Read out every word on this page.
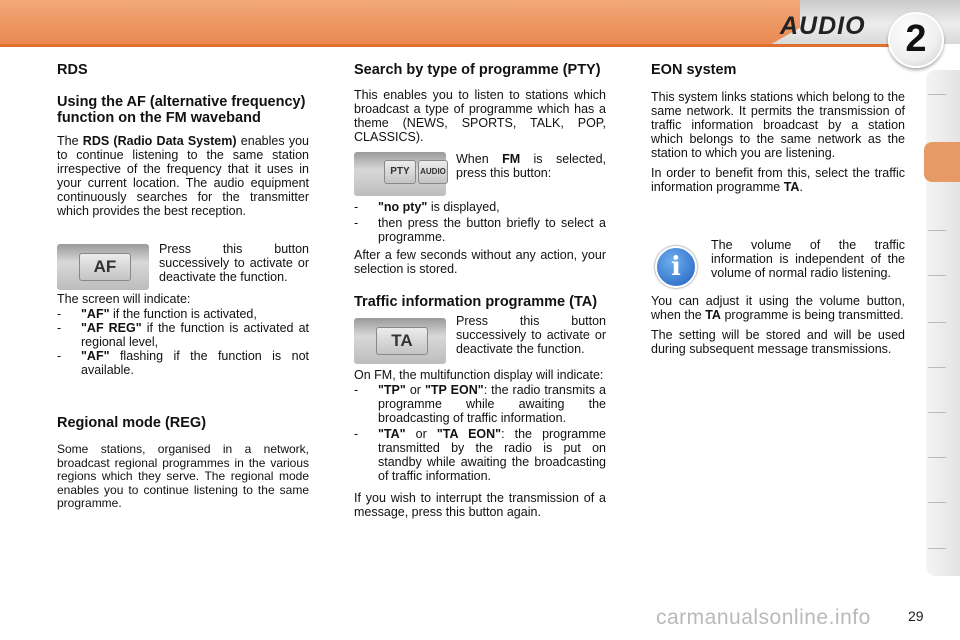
AUDIO	2
RDS
Using the AF (alternative frequency) function on the FM waveband

The RDS (Radio Data System) enables you to continue listening to the same station irrespective of the frequency that it uses in your current location. The audio equipment continuously searches for the transmitter which provides the best reception.

AF

Press this button successively to activate or deactivate the function.

The screen will indicate:

-	"AF" if the function is activated,
-	"AF REG" if the function is activated at regional level,
-	"AF" flashing if the function is not available.
Regional mode (REG)

Some stations, organised in a network, broadcast regional programmes in the various regions which they serve. The regional mode enables you to continue listening to the same programme.

Search by type of programme (PTY)

This enables you to listen to stations which broadcast a type of programme which has a theme (NEWS, SPORTS, TALK, POP, CLASSICS).

PTY	AUDIO

When FM is selected, press this button:

-	"no pty" is displayed,
-	then press the button briefly to select a programme.

After a few seconds without any action, your selection is stored.

Traffic information programme (TA)
TA

Press this button successively to activate or deactivate the function.

On FM, the multifunction display will indicate:

-	"TP" or "TP EON": the radio transmits a programme while awaiting the broadcasting of traffic information.
-	"TA" or "TA EON": the programme transmitted by the radio is put on standby while awaiting the broadcasting of traffic information.

If you wish to interrupt the transmission of a message, press this button again.

EON system

This system links stations which belong to the same network. It permits the transmission of traffic information broadcast by a station which belongs to the same network as the station to which you are listening.

In order to benefit from this, select the traffic information programme TA.

i

The volume of the traffic information is independent of the volume of normal radio listening.

You can adjust it using the volume button, when the TA programme is being transmitted.

The setting will be stored and will be used during subsequent message transmissions.

carmanualsonline.info	29
